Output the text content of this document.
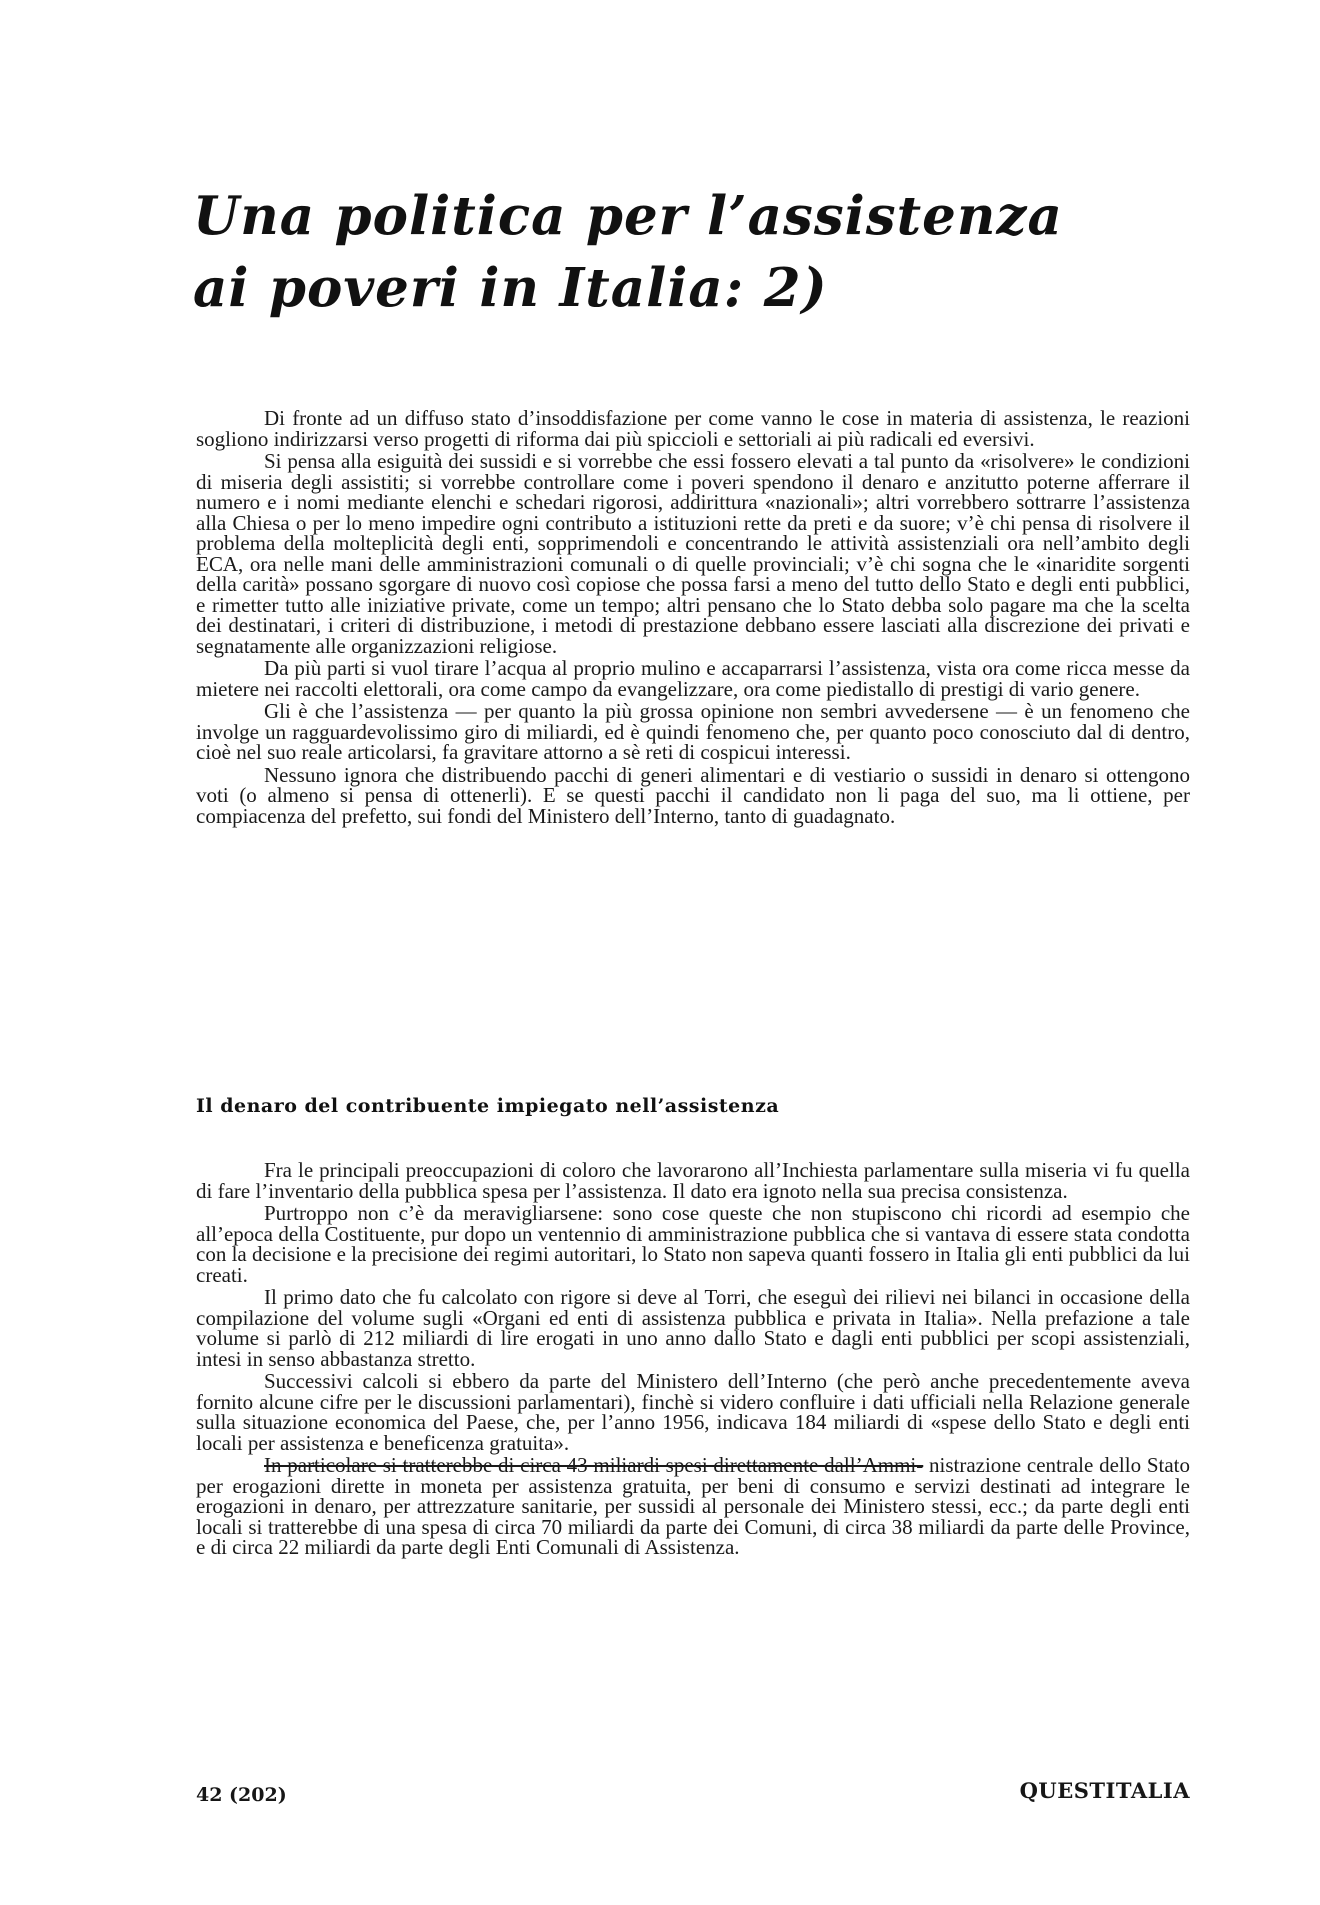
Una politica per l’assistenza
ai poveri in Italia: 2)

Di fronte ad un diffuso stato d’insoddisfazione per come vanno le cose in materia di assistenza, le reazioni sogliono indirizzarsi verso progetti di riforma dai più spiccioli e settoriali ai più radicali ed eversivi.

Si pensa alla esiguità dei sussidi e si vorrebbe che essi fossero elevati a tal punto da «risolvere» le condizioni di miseria degli assistiti; si vorrebbe controllare come i poveri spendono il denaro e anzitutto poterne afferrare il numero e i nomi mediante elenchi e schedari rigorosi, addirittura «nazionali»; altri vorrebbero sottrarre l’assistenza alla Chiesa o per lo meno impedire ogni contributo a istituzioni rette da preti e da suore; v’è chi pensa di risolvere il problema della molteplicità degli enti, sopprimendoli e concentrando le attività assistenziali ora nell’ambito degli ECA, ora nelle mani delle amministrazioni comunali o di quelle provinciali; v’è chi sogna che le «inaridite sorgenti della carità» possano sgorgare di nuovo così copiose che possa farsi a meno del tutto dello Stato e degli enti pubblici, e rimetter tutto alle iniziative private, come un tempo; altri pensano che lo Stato debba solo pagare ma che la scelta dei destinatari, i criteri di distribuzione, i metodi di prestazione debbano essere lasciati alla discrezione dei privati e segnatamente alle organizzazioni religiose.

Da più parti si vuol tirare l’acqua al proprio mulino e accaparrarsi l’assistenza, vista ora come ricca messe da mietere nei raccolti elettorali, ora come campo da evangelizzare, ora come piedistallo di prestigi di vario genere.

Gli è che l’assistenza — per quanto la più grossa opinione non sembri avvedersene — è un fenomeno che involge un ragguardevolissimo giro di miliardi, ed è quindi fenomeno che, per quanto poco conosciuto dal di dentro, cioè nel suo reale articolarsi, fa gravitare attorno a sè reti di cospicui interessi.

Nessuno ignora che distribuendo pacchi di generi alimentari e di vestiario o sussidi in denaro si ottengono voti (o almeno si pensa di ottenerli). E se questi pacchi il candidato non li paga del suo, ma li ottiene, per compiacenza del prefetto, sui fondi del Ministero dell’Interno, tanto di guadagnato.

Il denaro del contribuente impiegato nell’assistenza

Fra le principali preoccupazioni di coloro che lavorarono all’Inchiesta parlamentare sulla miseria vi fu quella di fare l’inventario della pubblica spesa per l’assistenza. Il dato era ignoto nella sua precisa consistenza.

Purtroppo non c’è da meravigliarsene: sono cose queste che non stupiscono chi ricordi ad esempio che all’epoca della Costituente, pur dopo un ventennio di amministrazione pubblica che si vantava di essere stata condotta con la decisione e la precisione dei regimi autoritari, lo Stato non sapeva quanti fossero in Italia gli enti pubblici da lui creati.

Il primo dato che fu calcolato con rigore si deve al Torri, che eseguì dei rilievi nei bilanci in occasione della compilazione del volume sugli «Organi ed enti di assistenza pubblica e privata in Italia». Nella prefazione a tale volume si parlò di 212 miliardi di lire erogati in uno anno dallo Stato e dagli enti pubblici per scopi assistenziali, intesi in senso abbastanza stretto.

Successivi calcoli si ebbero da parte del Ministero dell’Interno (che però anche precedentemente aveva fornito alcune cifre per le discussioni parlamentari), finchè si videro confluire i dati ufficiali nella Relazione generale sulla situazione economica del Paese, che, per l’anno 1956, indicava 184 miliardi di «spese dello Stato e degli enti locali per assistenza e beneficenza gratuita».

In particolare si tratterebbe di circa 43 miliardi spesi direttamente dall’Ammi- nistrazione centrale dello Stato per erogazioni dirette in moneta per assistenza gratuita, per beni di consumo e servizi destinati ad integrare le erogazioni in denaro, per attrezzature sanitarie, per sussidi al personale dei Ministero stessi, ecc.; da parte degli enti locali si tratterebbe di una spesa di circa 70 miliardi da parte dei Comuni, di circa 38 miliardi da parte delle Province, e di circa 22 miliardi da parte degli Enti Comunali di Assistenza.

42 (202)	QUESTITALIA
